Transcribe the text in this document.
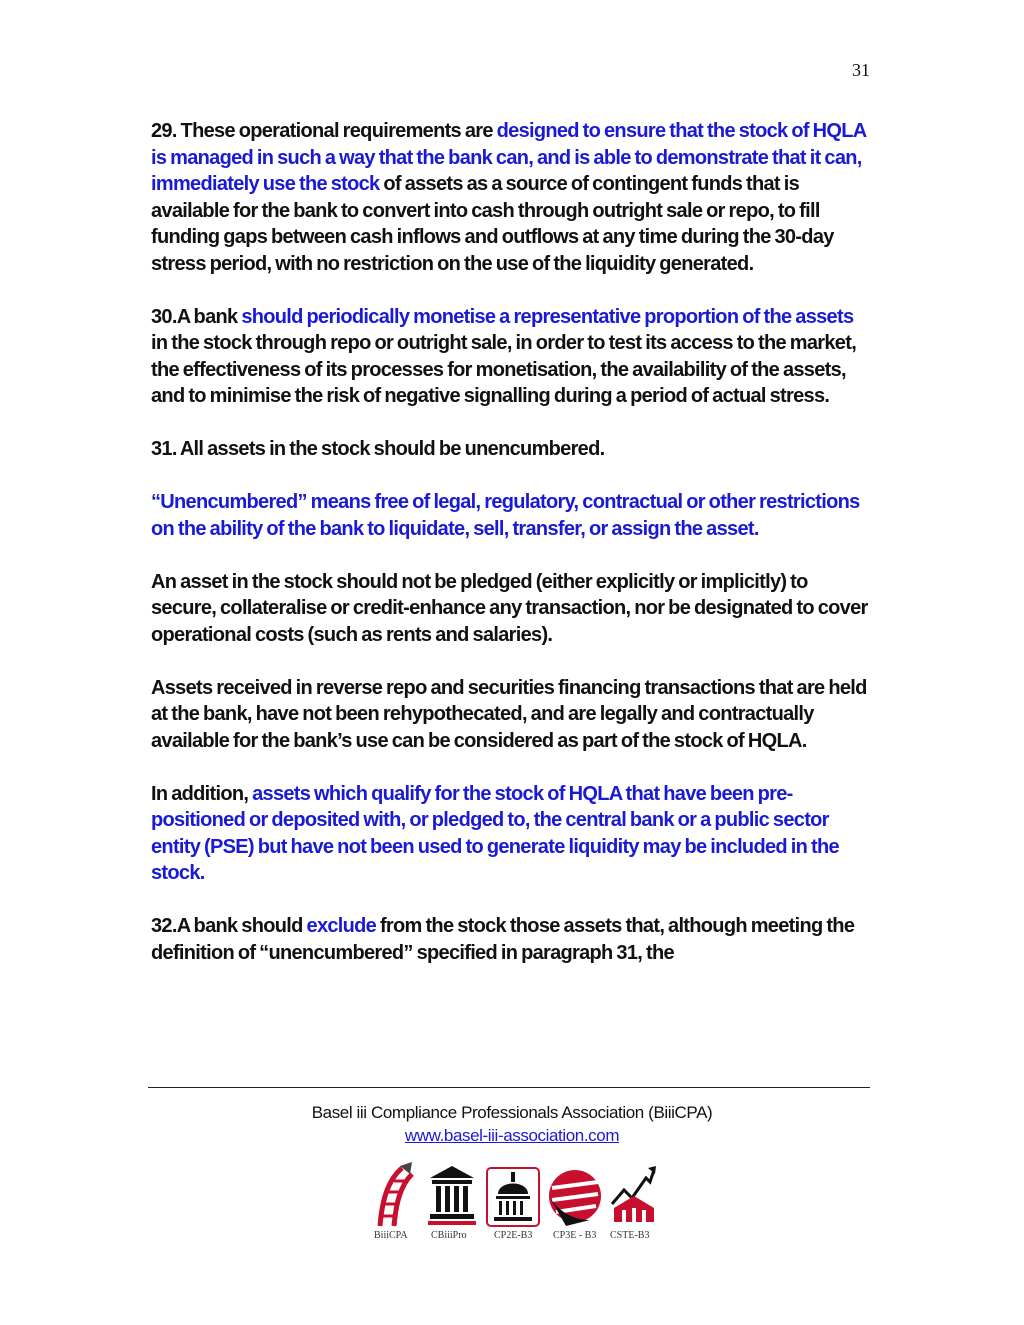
31

29. These operational requirements are designed to ensure that the stock of HQLA is managed in such a way that the bank can, and is able to demonstrate that it can, immediately use the stock of assets as a source of contingent funds that is available for the bank to convert into cash through outright sale or repo, to fill funding gaps between cash inflows and outflows at any time during the 30-day stress period, with no restriction on the use of the liquidity generated.

30.A bank should periodically monetise a representative proportion of the assets in the stock through repo or outright sale, in order to test its access to the market, the effectiveness of its processes for monetisation, the availability of the assets, and to minimise the risk of negative signalling during a period of actual stress.

31. All assets in the stock should be unencumbered.

“Unencumbered” means free of legal, regulatory, contractual or other restrictions on the ability of the bank to liquidate, sell, transfer, or assign the asset.

An asset in the stock should not be pledged (either explicitly or implicitly) to secure, collateralise or credit-enhance any transaction, nor be designated to cover operational costs (such as rents and salaries).

Assets received in reverse repo and securities financing transactions that are held at the bank, have not been rehypothecated, and are legally and contractually available for the bank’s use can be considered as part of the stock of HQLA.

In addition, assets which qualify for the stock of HQLA that have been pre-positioned or deposited with, or pledged to, the central bank or a public sector entity (PSE) but have not been used to generate liquidity may be included in the stock.

32.A bank should exclude from the stock those assets that, although meeting the definition of “unencumbered” specified in paragraph 31, the

Basel iii Compliance Professionals Association (BiiiCPA)
www.basel-iii-association.com
BiiiCPA CBiiiPro	CP2E-B3 CP3E - B3 CSTE-B3
